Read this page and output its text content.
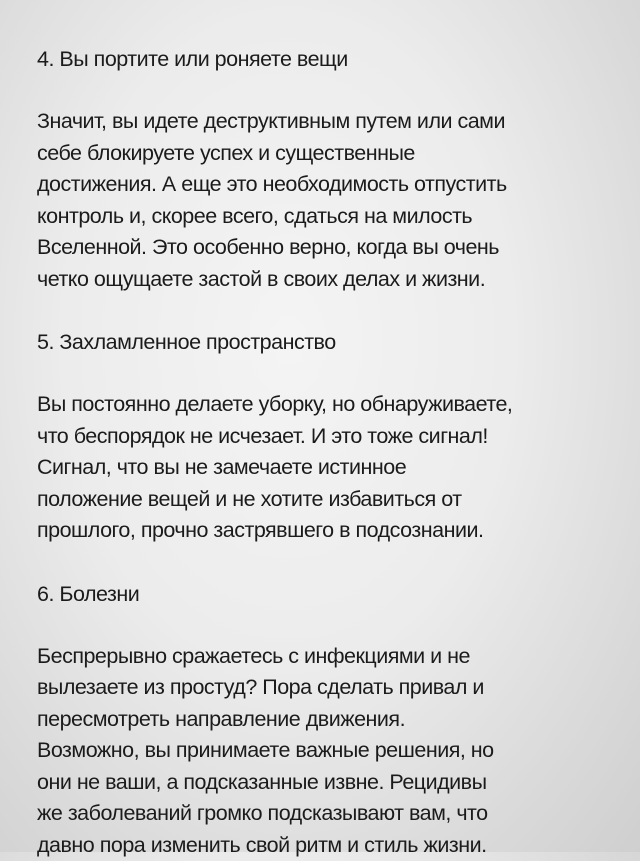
4. Вы портите или роняете вещи

Значит, вы идете деструктивным путем или сами
себе блокируете успех и существенные
достижения. А еще это необходимость отпустить
контроль и, скорее всего, сдаться на милость
Вселенной. Это особенно верно, когда вы очень
четко ощущаете застой в своих делах и жизни.

5. Захламленное пространство

Вы постоянно делаете уборку, но обнаруживаете,
что беспорядок не исчезает. И это тоже сигнал!
Сигнал, что вы не замечаете истинное
положение вещей и не хотите избавиться от
прошлого, прочно застрявшего в подсознании.

6. Болезни

Беспрерывно сражаетесь с инфекциями и не
вылезаете из простуд? Пора сделать привал и
пересмотреть направление движения.
Возможно, вы принимаете важные решения, но
они не ваши, а подсказанные извне. Рецидивы
же заболеваний громко подсказывают вам, что
давно пора изменить свой ритм и стиль жизни.
